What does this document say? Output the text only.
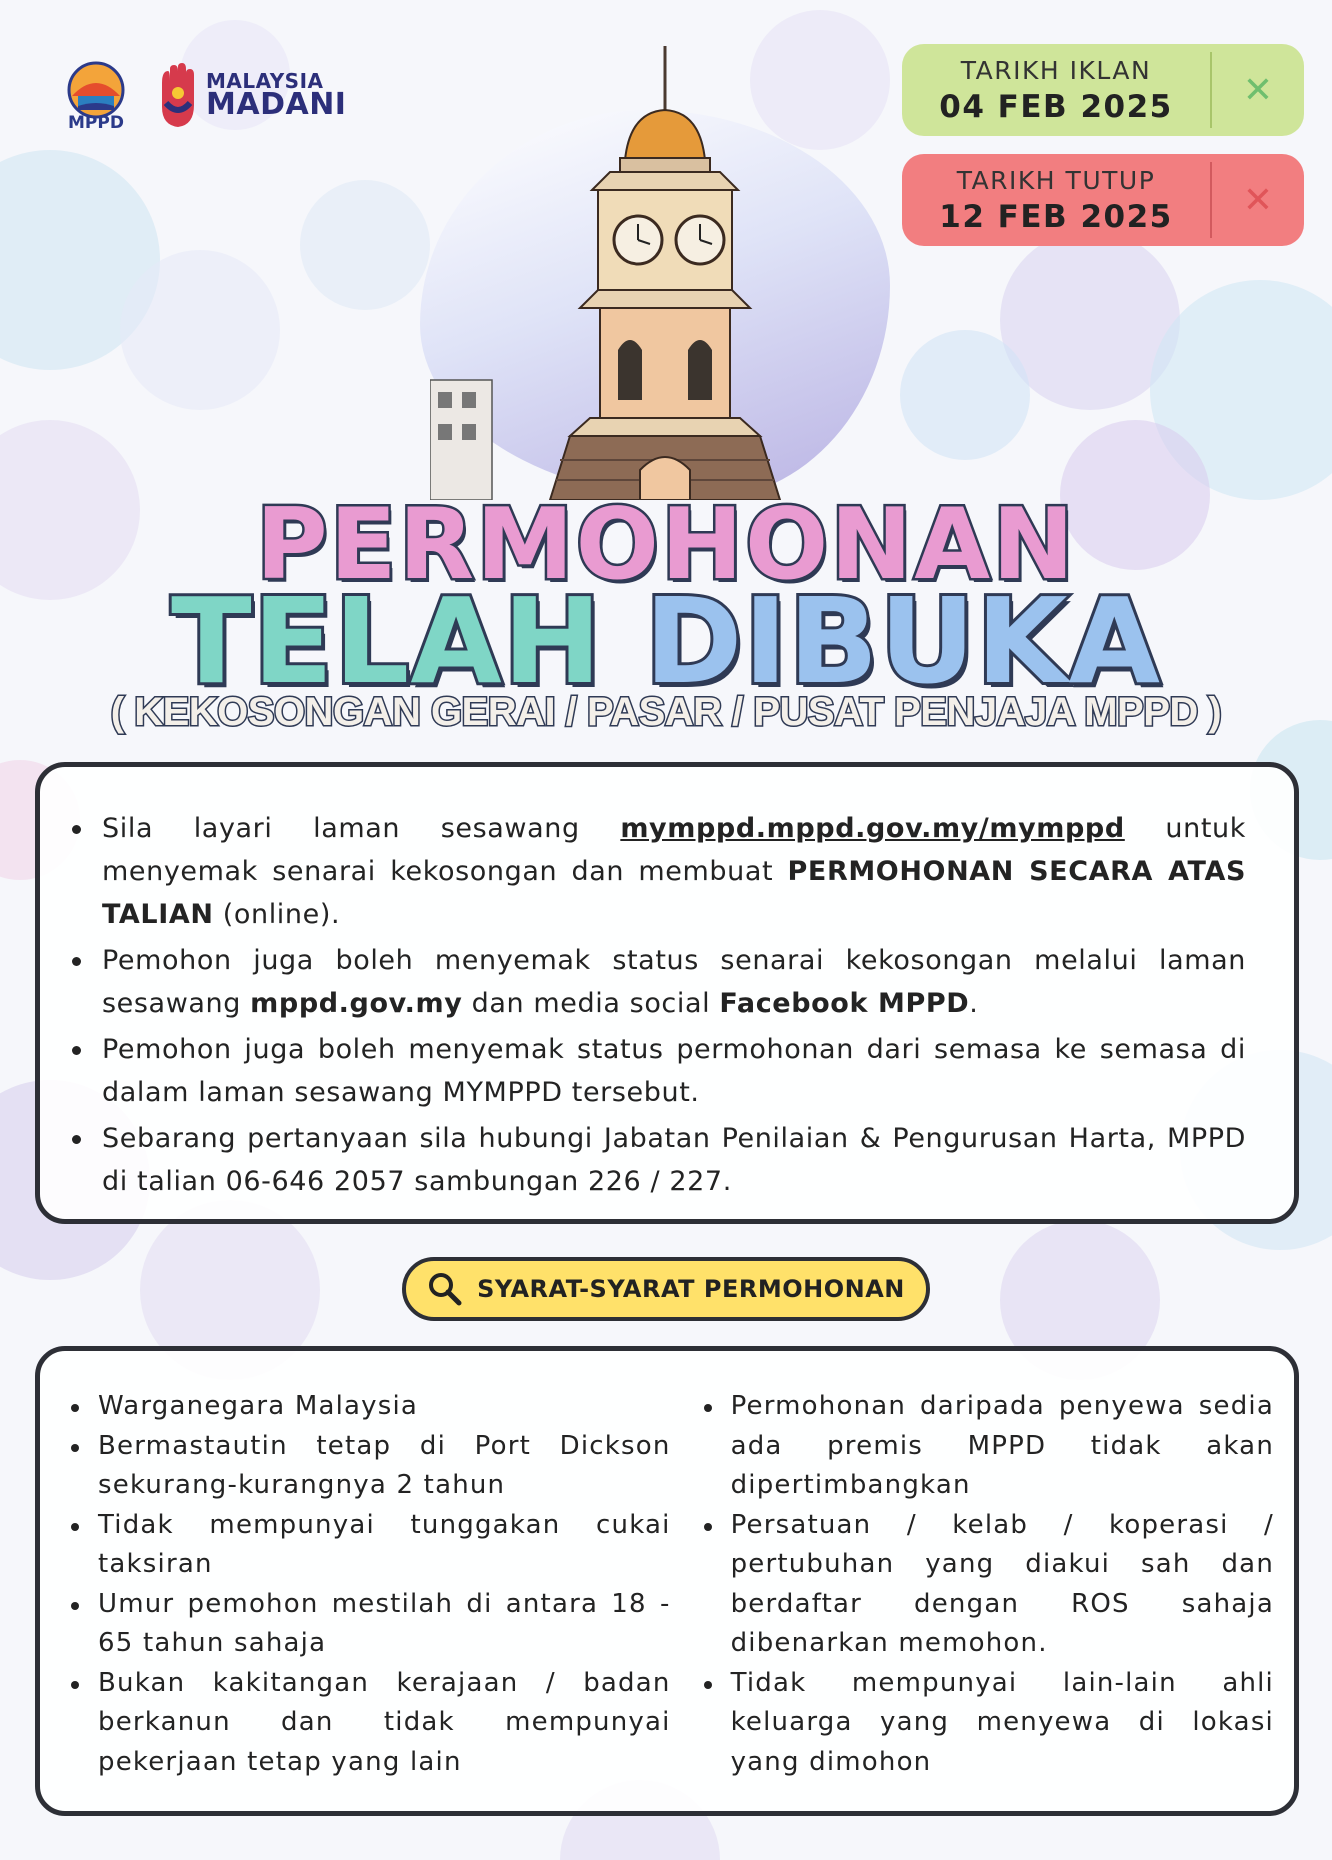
MPPD
MALAYSIA
MADANI
TARIKH IKLAN
04 FEB 2025 ✕
TARIKH TUTUP
12 FEB 2025 ✕
PERMOHONAN
TELAH DIBUKA
( KEKOSONGAN GERAI / PASAR / PUSAT PENJAJA MPPD )
Sila layari laman sesawang mymppd.mppd.gov.my/mymppd untuk menyemak senarai kekosongan dan membuat PERMOHONAN SECARA ATAS TALIAN (online).
Pemohon juga boleh menyemak status senarai kekosongan melalui laman sesawang mppd.gov.my dan media social Facebook MPPD.
Pemohon juga boleh menyemak status permohonan dari semasa ke semasa di dalam laman sesawang MYMPPD tersebut.
Sebarang pertanyaan sila hubungi Jabatan Penilaian & Pengurusan Harta, MPPD di talian 06-646 2057 sambungan 226 / 227.
SYARAT-SYARAT PERMOHONAN
Warganegara Malaysia
Bermastautin tetap di Port Dickson sekurang-kurangnya 2 tahun
Tidak mempunyai tunggakan cukai taksiran
Umur pemohon mestilah di antara 18 - 65 tahun sahaja
Bukan kakitangan kerajaan / badan berkanun dan tidak mempunyai pekerjaan tetap yang lain
Permohonan daripada penyewa sedia ada premis MPPD tidak akan dipertimbangkan
Persatuan / kelab / koperasi / pertubuhan yang diakui sah dan berdaftar dengan ROS sahaja dibenarkan memohon.
Tidak mempunyai lain-lain ahli keluarga yang menyewa di lokasi yang dimohon
